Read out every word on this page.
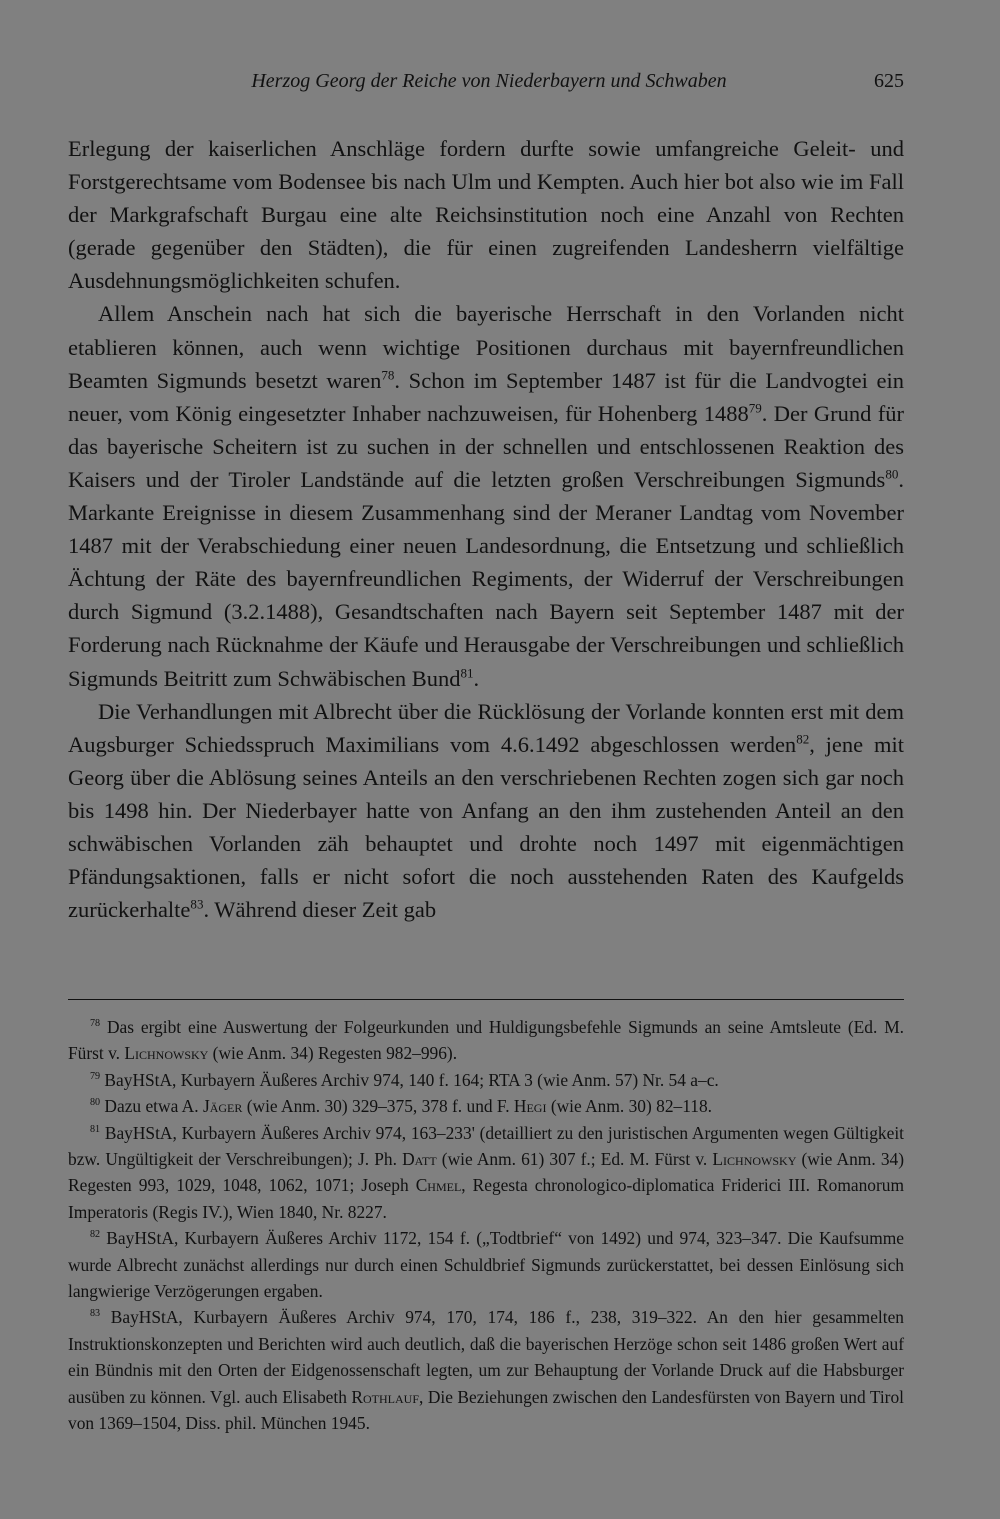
Herzog Georg der Reiche von Niederbayern und Schwaben	625

Erlegung der kaiserlichen Anschläge fordern durfte sowie umfangreiche Geleit- und Forstgerechtsame vom Bodensee bis nach Ulm und Kempten. Auch hier bot also wie im Fall der Markgrafschaft Burgau eine alte Reichsinstitution noch eine Anzahl von Rechten (gerade gegenüber den Städten), die für einen zugreifenden Landesherrn vielfältige Ausdehnungsmöglichkeiten schufen.

Allem Anschein nach hat sich die bayerische Herrschaft in den Vorlanden nicht etablieren können, auch wenn wichtige Positionen durchaus mit bayernfreundlichen Beamten Sigmunds besetzt waren$^{78}$. Schon im September 1487 ist für die Landvogtei ein neuer, vom König eingesetzter Inhaber nachzuweisen, für Hohenberg 1488$^{79}$. Der Grund für das bayerische Scheitern ist zu suchen in der schnellen und entschlossenen Reaktion des Kaisers und der Tiroler Landstände auf die letzten großen Verschreibungen Sigmunds$^{80}$. Markante Ereignisse in diesem Zusammenhang sind der Meraner Landtag vom November 1487 mit der Verabschiedung einer neuen Landesordnung, die Entsetzung und schließlich Ächtung der Räte des bayernfreundlichen Regiments, der Widerruf der Verschreibungen durch Sigmund (3.2.1488), Gesandtschaften nach Bayern seit September 1487 mit der Forderung nach Rücknahme der Käufe und Herausgabe der Verschreibungen und schließlich Sigmunds Beitritt zum Schwäbischen Bund$^{81}$.

Die Verhandlungen mit Albrecht über die Rücklösung der Vorlande konnten erst mit dem Augsburger Schiedsspruch Maximilians vom 4.6.1492 abgeschlossen werden$^{82}$, jene mit Georg über die Ablösung seines Anteils an den verschriebenen Rechten zogen sich gar noch bis 1498 hin. Der Niederbayer hatte von Anfang an den ihm zustehenden Anteil an den schwäbischen Vorlanden zäh behauptet und drohte noch 1497 mit eigenmächtigen Pfändungsaktionen, falls er nicht sofort die noch ausstehenden Raten des Kaufgelds zurückerhalte$^{83}$. Während dieser Zeit gab

$^{78}$ Das ergibt eine Auswertung der Folgeurkunden und Huldigungsbefehle Sigmunds an seine Amtsleute (Ed. M. Fürst v. Lichnowsky (wie Anm. 34) Regesten 982–996).

$^{79}$ BayHStA, Kurbayern Äußeres Archiv 974, 140 f. 164; RTA 3 (wie Anm. 57) Nr. 54 a–c.

$^{80}$ Dazu etwa A. Jäger (wie Anm. 30) 329–375, 378 f. und F. Hegi (wie Anm. 30) 82–118.

$^{81}$ BayHStA, Kurbayern Äußeres Archiv 974, 163–233' (detailliert zu den juristischen Argumenten wegen Gültigkeit bzw. Ungültigkeit der Verschreibungen); J. Ph. Datt (wie Anm. 61) 307 f.; Ed. M. Fürst v. Lichnowsky (wie Anm. 34) Regesten 993, 1029, 1048, 1062, 1071; Joseph Chmel, Regesta chronologico-diplomatica Friderici III. Romanorum Imperatoris (Regis IV.), Wien 1840, Nr. 8227.

$^{82}$ BayHStA, Kurbayern Äußeres Archiv 1172, 154 f. („Todtbrief“ von 1492) und 974, 323–347. Die Kaufsumme wurde Albrecht zunächst allerdings nur durch einen Schuldbrief Sigmunds zurückerstattet, bei dessen Einlösung sich langwierige Verzögerungen ergaben.

$^{83}$ BayHStA, Kurbayern Äußeres Archiv 974, 170, 174, 186 f., 238, 319–322. An den hier gesammelten Instruktionskonzepten und Berichten wird auch deutlich, daß die bayerischen Herzöge schon seit 1486 großen Wert auf ein Bündnis mit den Orten der Eidgenossenschaft legten, um zur Behauptung der Vorlande Druck auf die Habsburger ausüben zu können. Vgl. auch Elisabeth Rothlauf, Die Beziehungen zwischen den Landesfürsten von Bayern und Tirol von 1369–1504, Diss. phil. München 1945.
